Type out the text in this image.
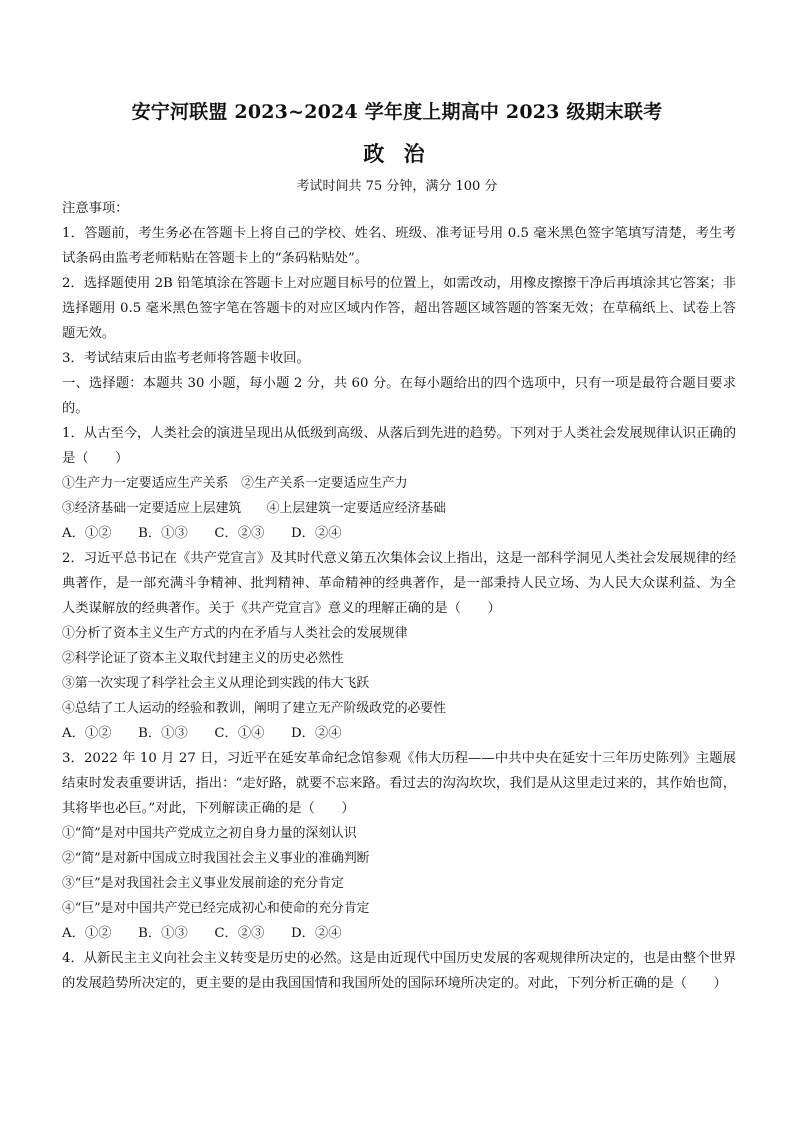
安宁河联盟 2023~2024 学年度上期高中 2023 级期末联考
政 治
考试时间共 75 分钟，满分 100 分

注意事项：

1．答题前，考生务必在答题卡上将自己的学校、姓名、班级、准考证号用 0.5 毫米黑色签字笔填写清楚，考生考试条码由监考老师粘贴在答题卡上的“条码粘贴处”。

2．选择题使用 2B 铅笔填涂在答题卡上对应题目标号的位置上，如需改动，用橡皮擦擦干净后再填涂其它答案；非选择题用 0.5 毫米黑色签字笔在答题卡的对应区域内作答，超出答题区域答题的答案无效；在草稿纸上、试卷上答题无效。

3．考试结束后由监考老师将答题卡收回。

一、选择题：本题共 30 小题，每小题 2 分，共 60 分。在每小题给出的四个选项中，只有一项是最符合题目要求的。

1．从古至今，人类社会的演进呈现出从低级到高级、从落后到先进的趋势。下列对于人类社会发展规律认识正确的是（　　）

①生产力一定要适应生产关系　②生产关系一定要适应生产力

③经济基础一定要适应上层建筑　　④上层建筑一定要适应经济基础

A．①②　　B．①③　　C．②③　　D．②④

2．习近平总书记在《共产党宣言》及其时代意义第五次集体会议上指出，这是一部科学洞见人类社会发展规律的经典著作，是一部充满斗争精神、批判精神、革命精神的经典著作，是一部秉持人民立场、为人民大众谋利益、为全人类谋解放的经典著作。关于《共产党宣言》意义的理解正确的是（　　）

①分析了资本主义生产方式的内在矛盾与人类社会的发展规律

②科学论证了资本主义取代封建主义的历史必然性

③第一次实现了科学社会主义从理论到实践的伟大飞跃

④总结了工人运动的经验和教训，阐明了建立无产阶级政党的必要性

A．①②　　B．①③　　C．①④　　D．②④

3．2022 年 10 月 27 日，习近平在延安革命纪念馆参观《伟大历程——中共中央在延安十三年历史陈列》主题展结束时发表重要讲话，指出：“走好路，就要不忘来路。看过去的沟沟坎坎，我们是从这里走过来的，其作始也简，其将毕也必巨。”对此，下列解读正确的是（　　）

①“简”是对中国共产党成立之初自身力量的深刻认识

②“简”是对新中国成立时我国社会主义事业的准确判断

③“巨”是对我国社会主义事业发展前途的充分肯定

④“巨”是对中国共产党已经完成初心和使命的充分肯定

A．①②　　B．①③　　C．②③　　D．②④

4．从新民主主义向社会主义转变是历史的必然。这是由近现代中国历史发展的客观规律所决定的，也是由整个世界的发展趋势所决定的，更主要的是由我国国情和我国所处的国际环境所决定的。对此，下列分析正确的是（　　）
